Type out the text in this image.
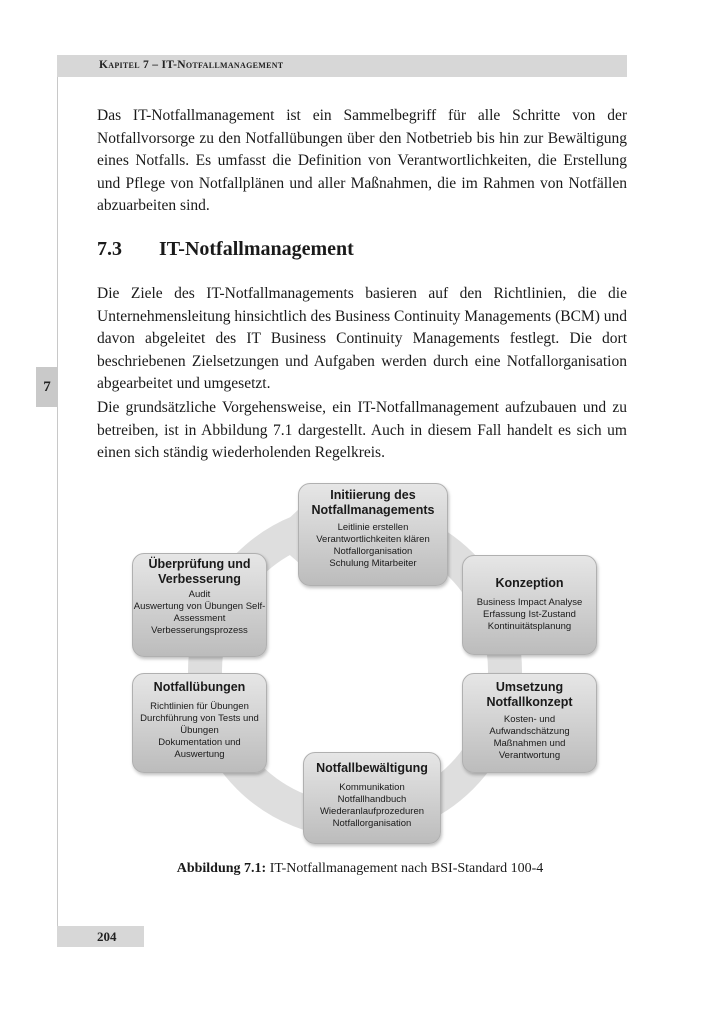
Kapitel 7 – IT-Notfallmanagement
7

Das IT-Notfallmanagement ist ein Sammelbegriff für alle Schritte von der Notfallvorsorge zu den Notfallübungen über den Notbetrieb bis hin zur Bewältigung eines Notfalls. Es umfasst die Definition von Verantwortlichkeiten, die Erstellung und Pflege von Notfallplänen und aller Maßnahmen, die im Rahmen von Notfällen abzuarbeiten sind.

7.3 IT-Notfallmanagement

Die Ziele des IT-Notfallmanagements basieren auf den Richtlinien, die die Unternehmensleitung hinsichtlich des Business Continuity Managements (BCM) und davon abgeleitet des IT Business Continuity Managements festlegt. Die dort beschriebenen Zielsetzungen und Aufgaben werden durch eine Notfallorganisation abgearbeitet und umgesetzt.

Die grundsätzliche Vorgehensweise, ein IT-Notfallmanagement aufzubauen und zu betreiben, ist in Abbildung 7.1 dargestellt. Auch in diesem Fall handelt es sich um einen sich ständig wiederholenden Regelkreis.

Initiierung des Notfallmanagements
Leitlinie erstellen
Verantwortlichkeiten klären
Notfallorganisation
Schulung Mitarbeiter
Konzeption
Business Impact Analyse
Erfassung Ist-Zustand
Kontinuitätsplanung
Umsetzung Notfallkonzept
Kosten- und Aufwandschätzung
Maßnahmen und Verantwortung
Notfallbewältigung
Kommunikation
Notfallhandbuch
Wiederanlaufprozeduren
Notfallorganisation
Notfallübungen
Richtlinien für Übungen
Durchführung von Tests und Übungen
Dokumentation und Auswertung
Überprüfung und Verbesserung
Audit
Auswertung von Übungen Self-Assessment
Verbesserungsprozess

Abbildung 7.1: IT-Notfallmanagement nach BSI-Standard 100-4

204
